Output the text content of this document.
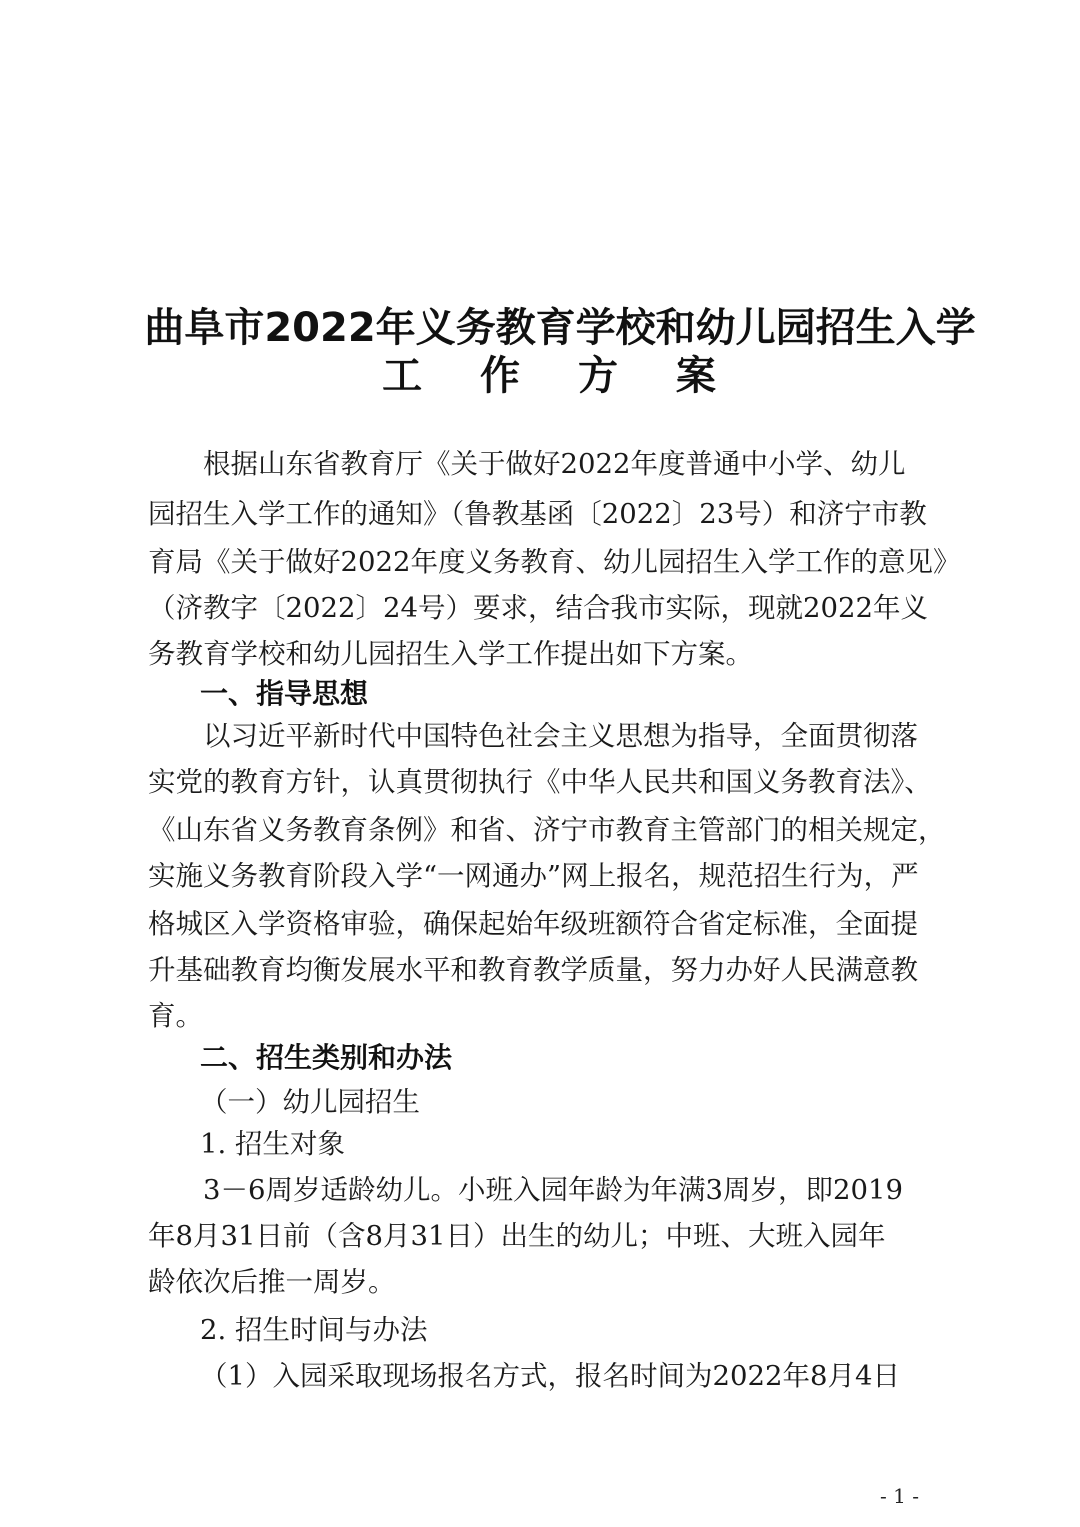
曲阜市2022年义务教育学校和幼儿园招生入学
工 作 方 案
　　根据山东省教育厅《关于做好2022年度普通中小学、幼儿
园招生入学工作的通知》（鲁教基函〔2022〕23号）和济宁市教
育局《关于做好2022年度义务教育、幼儿园招生入学工作的意见》
（济教字〔2022〕24号）要求，结合我市实际，现就2022年义
务教育学校和幼儿园招生入学工作提出如下方案。
一、指导思想
　　以习近平新时代中国特色社会主义思想为指导，全面贯彻落
实党的教育方针，认真贯彻执行《中华人民共和国义务教育法》、
《山东省义务教育条例》和省、济宁市教育主管部门的相关规定，
实施义务教育阶段入学“一网通办”网上报名，规范招生行为，严
格城区入学资格审验，确保起始年级班额符合省定标准，全面提
升基础教育均衡发展水平和教育教学质量，努力办好人民满意教
育。
二、招生类别和办法
（一）幼儿园招生
1. 招生对象
　　3－6周岁适龄幼儿。小班入园年龄为年满3周岁，即2019
年8月31日前（含8月31日）出生的幼儿；中班、大班入园年
龄依次后推一周岁。
2. 招生时间与办法
（1）入园采取现场报名方式，报名时间为2022年8月4日
- 1 -
